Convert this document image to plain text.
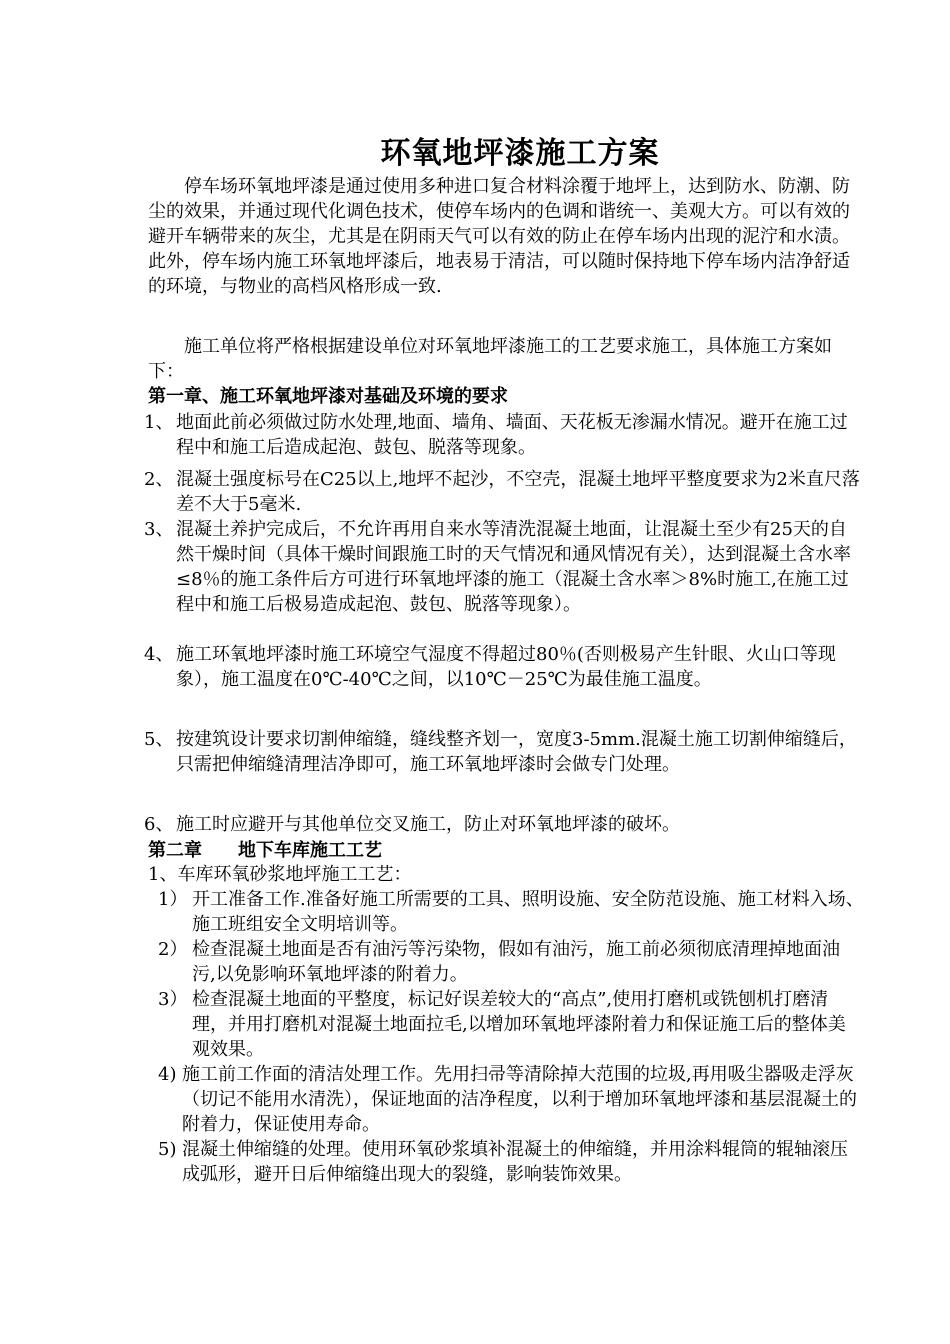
环氧地坪漆施工方案
停车场环氧地坪漆是通过使用多种进口复合材料涂覆于地坪上，达到防水、防潮、防尘的效果，并通过现代化调色技术，使停车场内的色调和谐统一、美观大方。可以有效的避开车辆带来的灰尘，尤其是在阴雨天气可以有效的防止在停车场内出现的泥泞和水渍。此外，停车场内施工环氧地坪漆后，地表易于清洁，可以随时保持地下停车场内洁净舒适的环境，与物业的高档风格形成一致.
施工单位将严格根据建设单位对环氧地坪漆施工的工艺要求施工，具体施工方案如下：
第一章、施工环氧地坪漆对基础及环境的要求
1、 地面此前必须做过防水处理,地面、墙角、墙面、天花板无渗漏水情况。避开在施工过程中和施工后造成起泡、鼓包、脱落等现象。
2、 混凝土强度标号在C25以上,地坪不起沙，不空壳，混凝土地坪平整度要求为2米直尺落差不大于5毫米.
3、 混凝土养护完成后，不允许再用自来水等清洗混凝土地面，让混凝土至少有25天的自然干燥时间（具体干燥时间跟施工时的天气情况和通风情况有关），达到混凝土含水率≤8％的施工条件后方可进行环氧地坪漆的施工（混凝土含水率＞8%时施工,在施工过程中和施工后极易造成起泡、鼓包、脱落等现象）。
4、 施工环氧地坪漆时施工环境空气湿度不得超过80％(否则极易产生针眼、火山口等现象），施工温度在0℃-40℃之间，以10℃－25℃为最佳施工温度。
5、 按建筑设计要求切割伸缩缝，缝线整齐划一，宽度3-5mm.混凝土施工切割伸缩缝后，只需把伸缩缝清理洁净即可，施工环氧地坪漆时会做专门处理。
6、 施工时应避开与其他单位交叉施工，防止对环氧地坪漆的破坏。
第二章　　地下车库施工工艺
1、车库环氧砂浆地坪施工工艺：
1） 开工准备工作.准备好施工所需要的工具、照明设施、安全防范设施、施工材料入场、施工班组安全文明培训等。
2） 检查混凝土地面是否有油污等污染物，假如有油污，施工前必须彻底清理掉地面油污,以免影响环氧地坪漆的附着力。
3） 检查混凝土地面的平整度，标记好误差较大的“高点”,使用打磨机或铣刨机打磨清理，并用打磨机对混凝土地面拉毛,以增加环氧地坪漆附着力和保证施工后的整体美观效果。
4) 施工前工作面的清洁处理工作。先用扫帚等清除掉大范围的垃圾,再用吸尘器吸走浮灰（切记不能用水清洗），保证地面的洁净程度，以利于增加环氧地坪漆和基层混凝土的附着力，保证使用寿命。
5) 混凝土伸缩缝的处理。使用环氧砂浆填补混凝土的伸缩缝，并用涂料辊筒的辊轴滚压成弧形，避开日后伸缩缝出现大的裂缝，影响装饰效果。
